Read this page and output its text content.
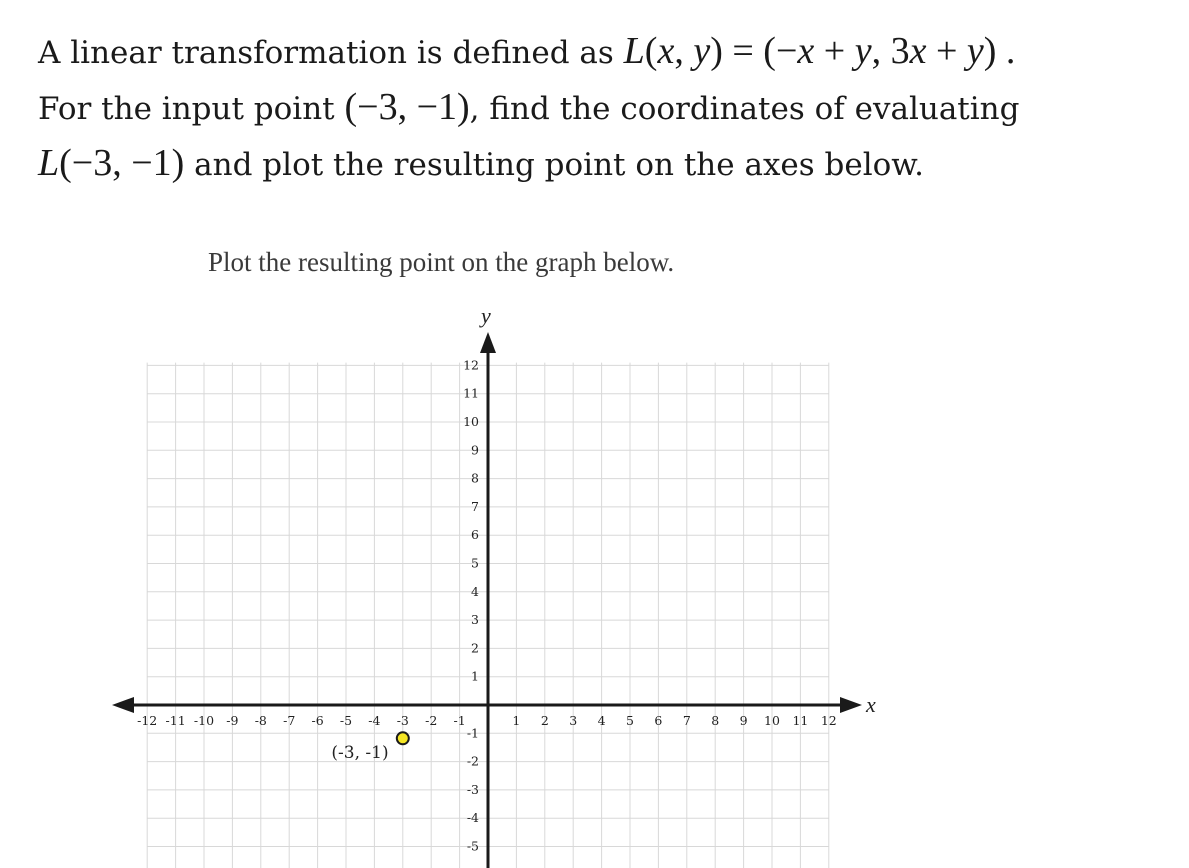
A linear transformation is defined as L(x, y) = (−x + y, 3x + y) .
For the input point (−3, −1), find the coordinates of evaluating
L(−3, −1) and plot the resulting point on the axes below.

Plot the resulting point on the graph below.
-12 -11 -10 -9 -8 -7 -6 -5 -4 -3 -2 -1	1 2 3 4 5 6 7 8 9 10 11 12
1
2
3
4
5
6
7
8
9
10
11
12
-1
-2
-3
-4
-5
x
y
(-3, -1)
